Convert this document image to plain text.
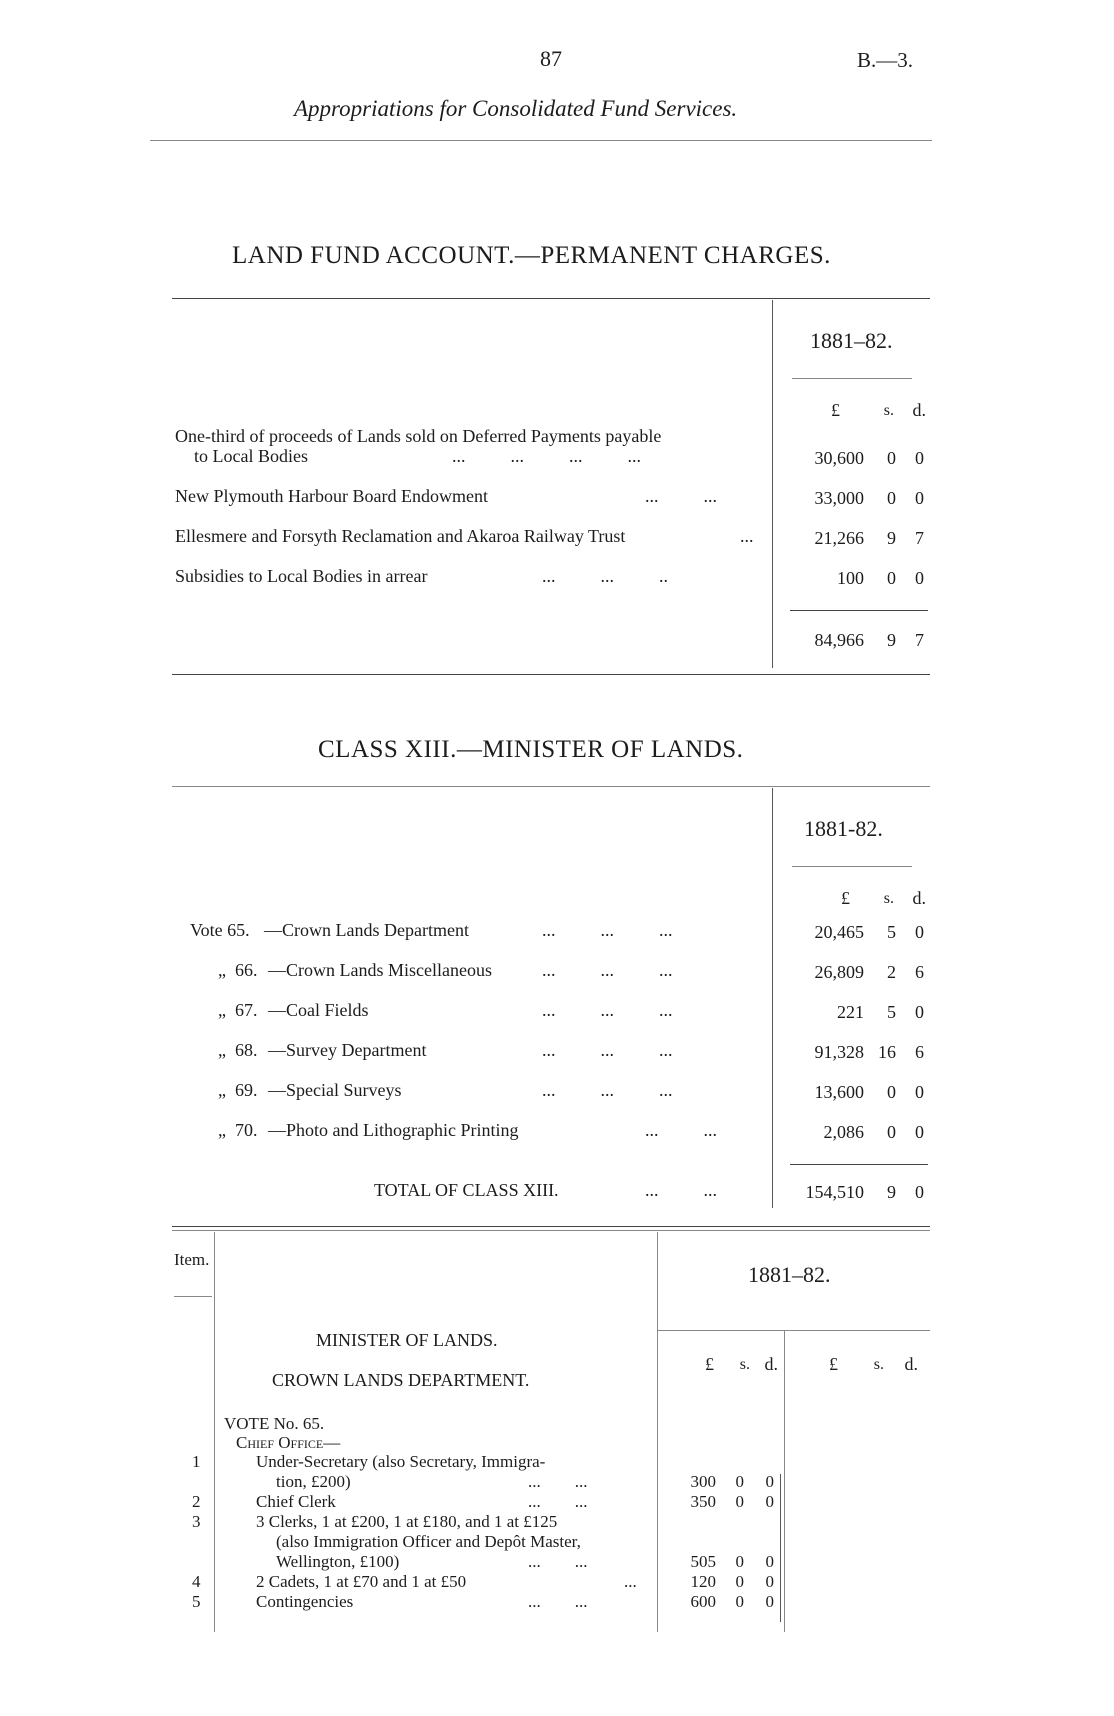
87	B.—3.
Appropriations for Consolidated Fund Services.
LAND FUND ACCOUNT.—PERMANENT CHARGES.
1881–82.
£	s. d.
One-third of proceeds of Lands sold on Deferred Payments payable
to Local Bodies	...          ...          ...          ...	30,600 0 0
New Plymouth Harbour Board Endowment	...          ...	33,000 0 0
Ellesmere and Forsyth Reclamation and Akaroa Railway Trust	...	21,266 9 7
Subsidies to Local Bodies in arrear	...          ...          ..	100 0 0
84,966 9 7
CLASS XIII.—MINISTER OF LANDS.
1881-82.
£ s. d.
Vote 65. —Crown Lands Department	...          ...          ...	20,465 5 0
„  66. —Crown Lands Miscellaneous	...          ...          ...	26,809 2 6
„  67. —Coal Fields	...          ...          ...	221 5 0
„  68. —Survey Department	...          ...          ...	91,328 16 6
„  69. —Special Surveys	...          ...          ...	13,600 0 0
„  70. —Photo and Lithographic Printing	...          ...	2,086 0 0
TOTAL OF CLASS XIII.	...          ...	154,510 9 0
Item.
1881–82.
MINISTER OF LANDS.
CROWN LANDS DEPARTMENT.
£ s. d.	£ s. d.
VOTE No. 65.
Chief Office—
1	Under-Secretary (also Secretary, Immigra-
tion, £200)	...        ...	300 0 0
2	Chief Clerk	...        ...	350 0 0
3	3 Clerks, 1 at £200, 1 at £180, and 1 at £125
(also Immigration Officer and Depôt Master,
Wellington, £100)	...        ...	505 0 0
4	2 Cadets, 1 at £70 and 1 at £50	...	120 0 0
5	Contingencies	...        ...	600 0 0
